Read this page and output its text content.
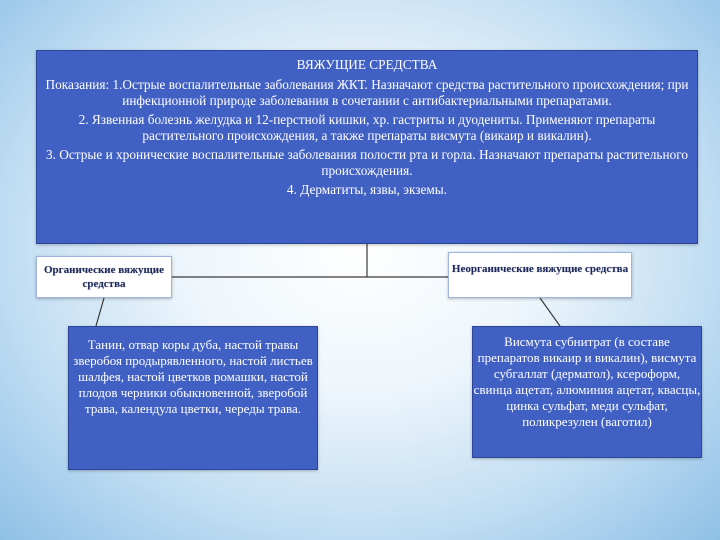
ВЯЖУЩИЕ СРЕДСТВА

Показания: 1.Острые воспалительные заболевания ЖКТ. Назначают средства растительного происхождения; при инфекционной природе заболевания в сочетании с антибактериальными препаратами.

2. Язвенная болезнь желудка и 12-перстной кишки, хр. гастриты и дуодениты. Применяют препараты растительного происхождения, а также препараты висмута (викаир и викалин).

3. Острые и хронические воспалительные заболевания полости рта и горла. Назначают препараты растительного происхождения.

4. Дерматиты, язвы, экземы.

Органические вяжущие средства
Неорганические вяжущие средства
Танин, отвар коры дуба, настой травы зверобоя продырявленного, настой листьев шалфея, настой цветков ромашки, настой плодов черники обыкновенной, зверобой трава, календула цветки, череды трава.
Висмута субнитрат (в составе препаратов викаир и викалин), висмута субгаллат (дерматол), ксероформ, свинца ацетат, алюминия ацетат, квасцы, цинка сульфат, меди сульфат, поликрезулен (ваготил)
